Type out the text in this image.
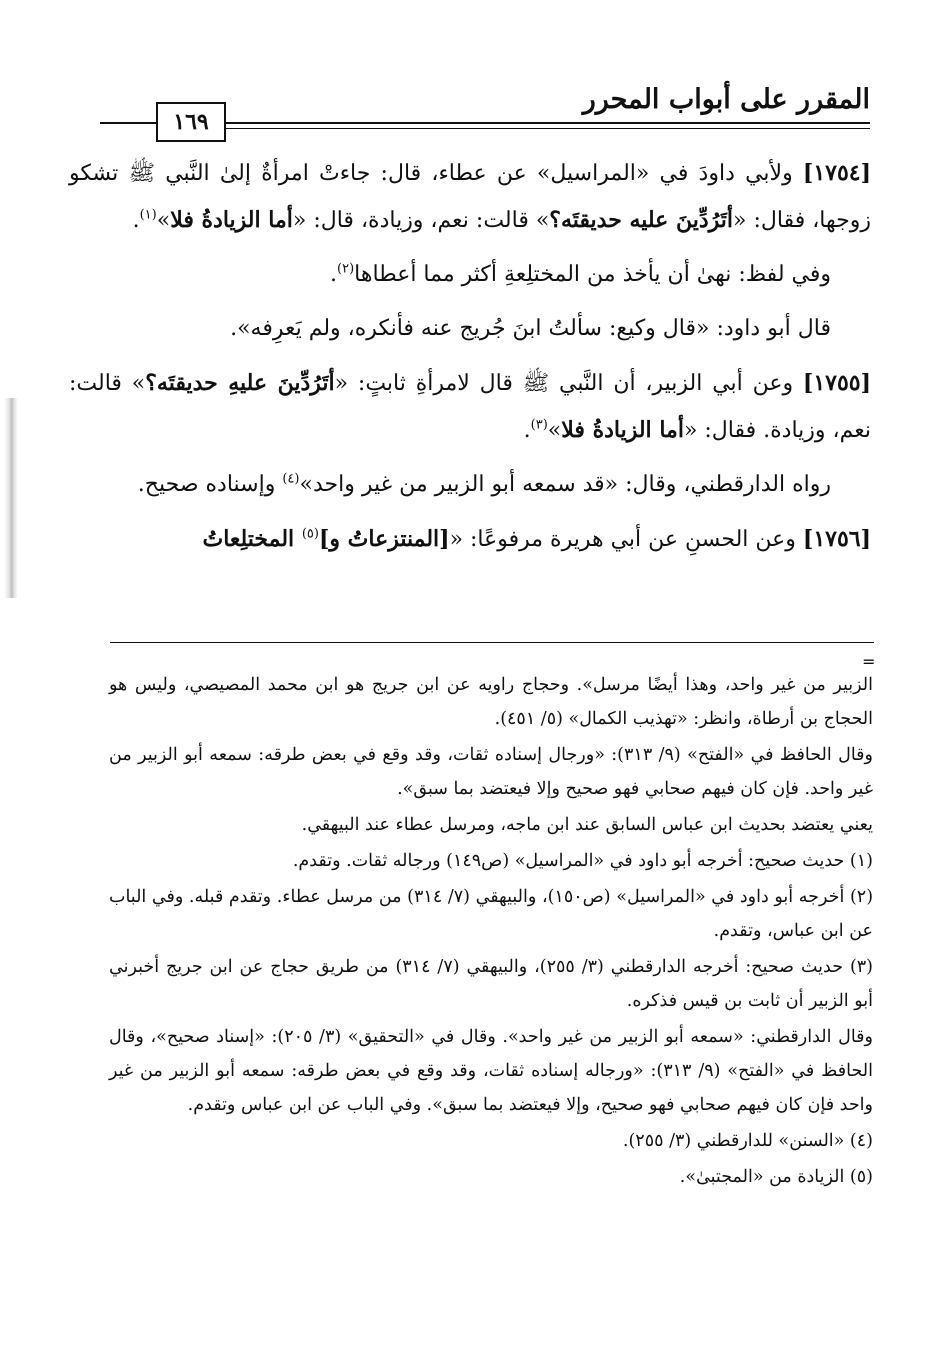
المقرر على أبواب المحرر
١٦٩

[١٧٥٤] ولأبي داودَ في «المراسيل» عن عطاء، قال: جاءتْ امرأةٌ إلىٰ النَّبي ﷺ تشكو زوجها، فقال: «أتَرُدِّينَ عليه حديقتَه؟» قالت: نعم، وزيادة، قال: «أما الزيادةُ فلا»$^{(١)}$.

وفي لفظ: نهىٰ أن يأخذ من المختلِعةِ أكثر مما أعطاها$^{(٢)}$.

قال أبو داود: «قال وكيع: سألتُ ابنَ جُريج عنه فأنكره، ولم يَعرِفه».

[١٧٥٥] وعن أبي الزبير، أن النَّبي ﷺ قال لامرأةِ ثابتٍ: «أتَرُدِّينَ عليهِ حديقتَه؟» قالت: نعم، وزيادة. فقال: «أما الزيادةُ فلا»$^{(٣)}$.

رواه الدارقطني، وقال: «قد سمعه أبو الزبير من غير واحد»$^{(٤)}$ وإسناده صحيح.

[١٧٥٦] وعن الحسنِ عن أبي هريرة مرفوعًا: «[المنتزعاتُ و]$^{(٥)}$ المختلِعاتُ

=

الزبير من غير واحد، وهذا أيضًا مرسل». وحجاج راويه عن ابن جريج هو ابن محمد المصيصي، وليس هو الحجاج بن أرطاة، وانظر: «تهذيب الكمال» (٥/ ٤٥١).

وقال الحافظ في «الفتح» (٩/ ٣١٣): «ورجال إسناده ثقات، وقد وقع في بعض طرقه: سمعه أبو الزبير من غير واحد. فإن كان فيهم صحابي فهو صحيح وإلا فيعتضد بما سبق».

يعني يعتضد بحديث ابن عباس السابق عند ابن ماجه، ومرسل عطاء عند البيهقي.

(١) حديث صحيح: أخرجه أبو داود في «المراسيل» (ص١٤٩) ورجاله ثقات. وتقدم.

(٢) أخرجه أبو داود في «المراسيل» (ص١٥٠)، والبيهقي (٧/ ٣١٤) من مرسل عطاء. وتقدم قبله. وفي الباب عن ابن عباس، وتقدم.

(٣) حديث صحيح: أخرجه الدارقطني (٣/ ٢٥٥)، والبيهقي (٧/ ٣١٤) من طريق حجاج عن ابن جريج أخبرني أبو الزبير أن ثابت بن قيس فذكره.

وقال الدارقطني: «سمعه أبو الزبير من غير واحد». وقال في «التحقيق» (٣/ ٢٠٥): «إسناد صحيح»، وقال الحافظ في «الفتح» (٩/ ٣١٣): «ورجاله إسناده ثقات، وقد وقع في بعض طرقه: سمعه أبو الزبير من غير واحد فإن كان فيهم صحابي فهو صحيح، وإلا فيعتضد بما سبق». وفي الباب عن ابن عباس وتقدم.

(٤) «السنن» للدارقطني (٣/ ٢٥٥).

(٥) الزيادة من «المجتبىٰ».
